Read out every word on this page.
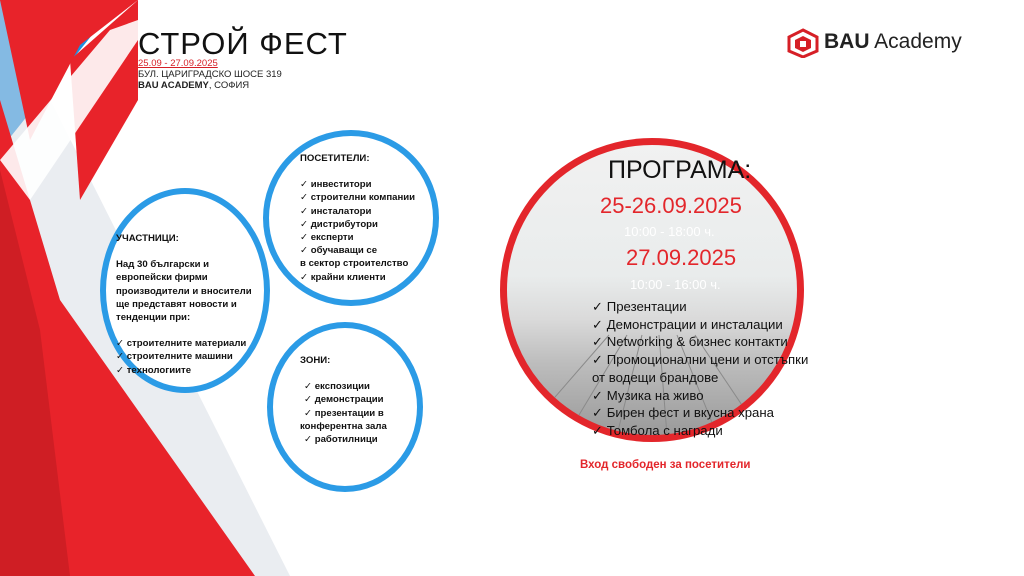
СТРОЙ ФЕСТ
25.09 - 27.09.2025
БУЛ. ЦАРИГРАДСКО ШОСЕ 319
BAU ACADEMY, СОФИЯ
BAU Academy
УЧАСТНИЦИ:
Над 30 български и
европейски фирми
производители и вносители
ще представят новости и
тенденции при:
✓ строителните материали
✓ строителните машини
✓ технологиите
ПОСЕТИТЕЛИ:
✓ инвеститори
✓ строителни компании
✓ инсталатори
✓ дистрибутори
✓ експерти
✓ обучаващи се
в сектор строителство
✓ крайни клиенти
ЗОНИ:
✓ експозиции
✓ демонстрации
✓ презентации в
конферентна зала
✓ работилници
ПРОГРАМА:
25-26.09.2025
10:00 - 18:00 ч.
27.09.2025
10:00 - 16:00 ч.
✓ Презентации
✓ Демонстрации и инсталации
✓ Networking & бизнес контакти
✓ Промоционални цени и отстъпки
от водещи брандове
✓ Музика на живо
✓ Бирен фест и вкусна храна
✓ Томбола с награди
Вход свободен за посетители
